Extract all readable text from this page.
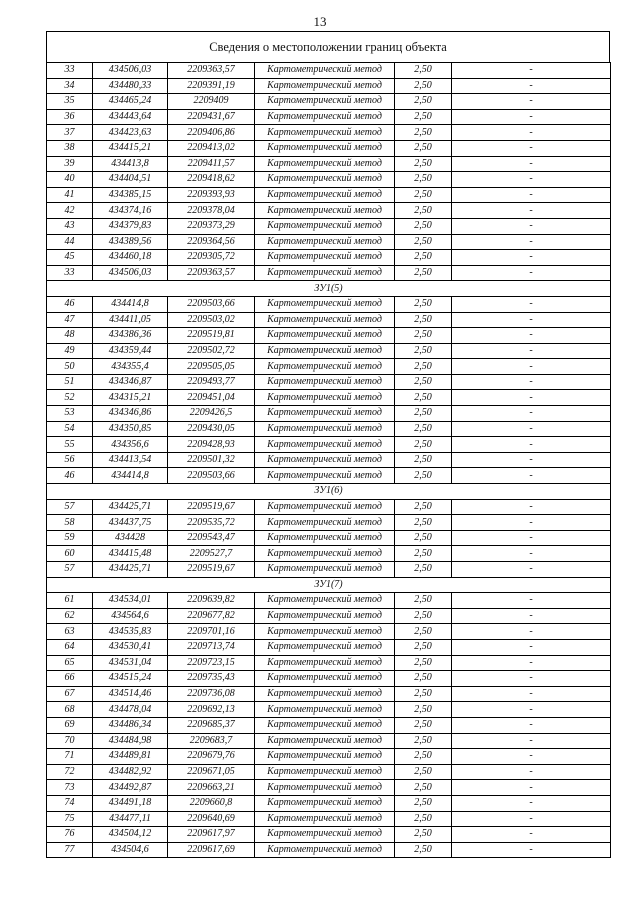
13
Сведения о местоположении границ объекта
33	434506,03	2209363,57	Картометрический метод	2,50	-
34	434480,33	2209391,19	Картометрический метод	2,50	-
35	434465,24	2209409	Картометрический метод	2,50	-
36	434443,64	2209431,67	Картометрический метод	2,50	-
37	434423,63	2209406,86	Картометрический метод	2,50	-
38	434415,21	2209413,02	Картометрический метод	2,50	-
39	434413,8	2209411,57	Картометрический метод	2,50	-
40	434404,51	2209418,62	Картометрический метод	2,50	-
41	434385,15	2209393,93	Картометрический метод	2,50	-
42	434374,16	2209378,04	Картометрический метод	2,50	-
43	434379,83	2209373,29	Картометрический метод	2,50	-
44	434389,56	2209364,56	Картометрический метод	2,50	-
45	434460,18	2209305,72	Картометрический метод	2,50	-
33	434506,03	2209363,57	Картометрический метод	2,50	-
ЗУ1(5)					
46	434414,8	2209503,66	Картометрический метод	2,50	-
47	434411,05	2209503,02	Картометрический метод	2,50	-
48	434386,36	2209519,81	Картометрический метод	2,50	-
49	434359,44	2209502,72	Картометрический метод	2,50	-
50	434355,4	2209505,05	Картометрический метод	2,50	-
51	434346,87	2209493,77	Картометрический метод	2,50	-
52	434315,21	2209451,04	Картометрический метод	2,50	-
53	434346,86	2209426,5	Картометрический метод	2,50	-
54	434350,85	2209430,05	Картометрический метод	2,50	-
55	434356,6	2209428,93	Картометрический метод	2,50	-
56	434413,54	2209501,32	Картометрический метод	2,50	-
46	434414,8	2209503,66	Картометрический метод	2,50	-
ЗУ1(6)					
57	434425,71	2209519,67	Картометрический метод	2,50	-
58	434437,75	2209535,72	Картометрический метод	2,50	-
59	434428	2209543,47	Картометрический метод	2,50	-
60	434415,48	2209527,7	Картометрический метод	2,50	-
57	434425,71	2209519,67	Картометрический метод	2,50	-
ЗУ1(7)					
61	434534,01	2209639,82	Картометрический метод	2,50	-
62	434564,6	2209677,82	Картометрический метод	2,50	-
63	434535,83	2209701,16	Картометрический метод	2,50	-
64	434530,41	2209713,74	Картометрический метод	2,50	-
65	434531,04	2209723,15	Картометрический метод	2,50	-
66	434515,24	2209735,43	Картометрический метод	2,50	-
67	434514,46	2209736,08	Картометрический метод	2,50	-
68	434478,04	2209692,13	Картометрический метод	2,50	-
69	434486,34	2209685,37	Картометрический метод	2,50	-
70	434484,98	2209683,7	Картометрический метод	2,50	-
71	434489,81	2209679,76	Картометрический метод	2,50	-
72	434482,92	2209671,05	Картометрический метод	2,50	-
73	434492,87	2209663,21	Картометрический метод	2,50	-
74	434491,18	2209660,8	Картометрический метод	2,50	-
75	434477,11	2209640,69	Картометрический метод	2,50	-
76	434504,12	2209617,97	Картометрический метод	2,50	-
77	434504,6	2209617,69	Картометрический метод	2,50	-
